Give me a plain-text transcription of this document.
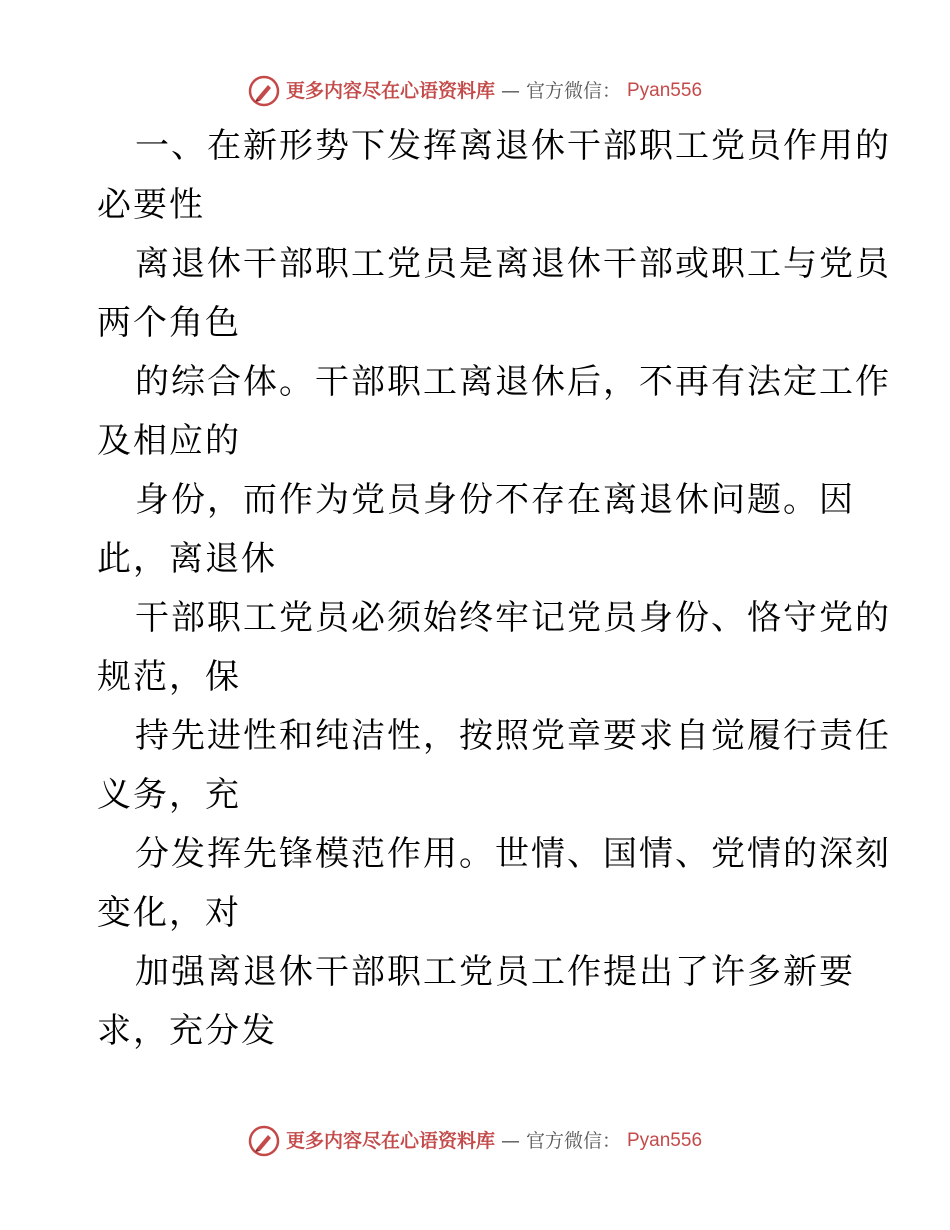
更多内容尽在心语资料库 — 官方微信： Pyan556
一、在新形势下发挥离退休干部职工党员作用的
必要性
离退休干部职工党员是离退休干部或职工与党员
两个角色
的综合体。干部职工离退休后，不再有法定工作
及相应的
身份，而作为党员身份不存在离退休问题。因
此，离退休
干部职工党员必须始终牢记党员身份、恪守党的
规范，保
持先进性和纯洁性，按照党章要求自觉履行责任
义务，充
分发挥先锋模范作用。世情、国情、党情的深刻
变化，对
加强离退休干部职工党员工作提出了许多新要
求，充分发
更多内容尽在心语资料库 — 官方微信： Pyan556
